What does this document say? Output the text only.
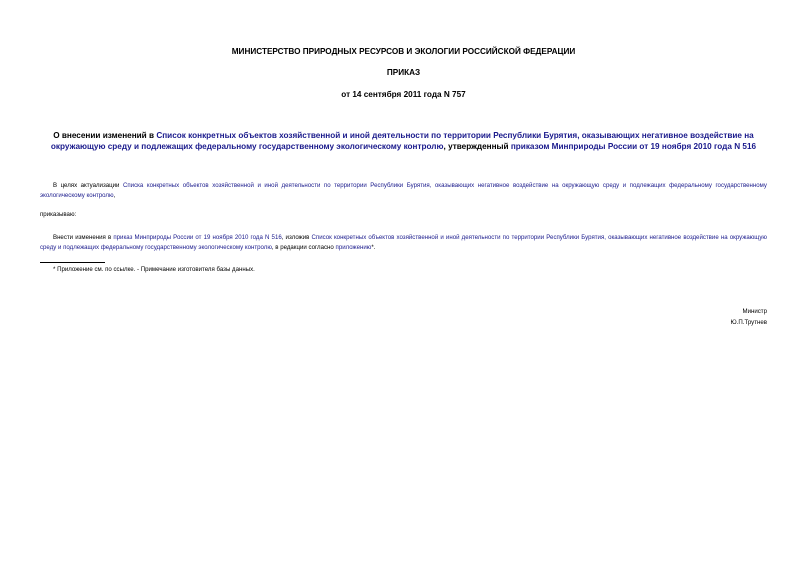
МИНИСТЕРСТВО ПРИРОДНЫХ РЕСУРСОВ И ЭКОЛОГИИ РОССИЙСКОЙ ФЕДЕРАЦИИ
ПРИКАЗ
от 14 сентября 2011 года N 757
О внесении изменений в Список конкретных объектов хозяйственной и иной деятельности по территории Республики Бурятия, оказывающих негативное воздействие на окружающую среду и подлежащих федеральному государственному экологическому контролю, утвержденный приказом Минприроды России от 19 ноября 2010 года N 516
В целях актуализации Списка конкретных объектов хозяйственной и иной деятельности по территории Республики Бурятия, оказывающих негативное воздействие на окружающую среду и подлежащих федеральному государственному экологическому контролю,
приказываю:
Внести изменения в приказ Минприроды России от 19 ноября 2010 года N 516, изложив Список конкретных объектов хозяйственной и иной деятельности по территории Республики Бурятия, оказывающих негативное воздействие на окружающую среду и подлежащих федеральному государственному экологическому контролю, в редакции согласно приложению*.
* Приложение см. по ссылке. - Примечание изготовителя базы данных.
Министр
Ю.П.Трутнев
